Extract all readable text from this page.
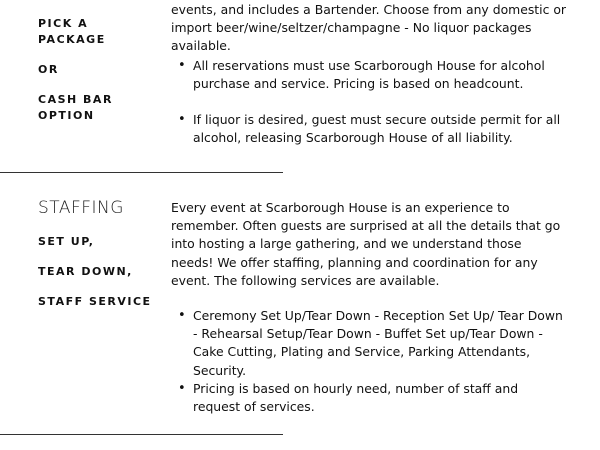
PICK A PACKAGE

OR

CASH BAR OPTION

events, and includes a Bartender. Choose from any domestic or import beer/wine/seltzer/champagne - No liquor packages available.

• All reservations must use Scarborough House for alcohol purchase and service. Pricing is based on headcount.

• If liquor is desired, guest must secure outside permit for all alcohol, releasing Scarborough House of all liability.

STAFFING

SET UP,

TEAR DOWN,

STAFF SERVICE

Every event at Scarborough House is an experience to remember. Often guests are surprised at all the details that go into hosting a large gathering, and we understand those needs! We offer staffing, planning and coordination for any event. The following services are available.

• Ceremony Set Up/Tear Down - Reception Set Up/ Tear Down - Rehearsal Setup/Tear Down - Buffet Set up/Tear Down - Cake Cutting, Plating and Service, Parking Attendants, Security.

• Pricing is based on hourly need, number of staff and request of services.
